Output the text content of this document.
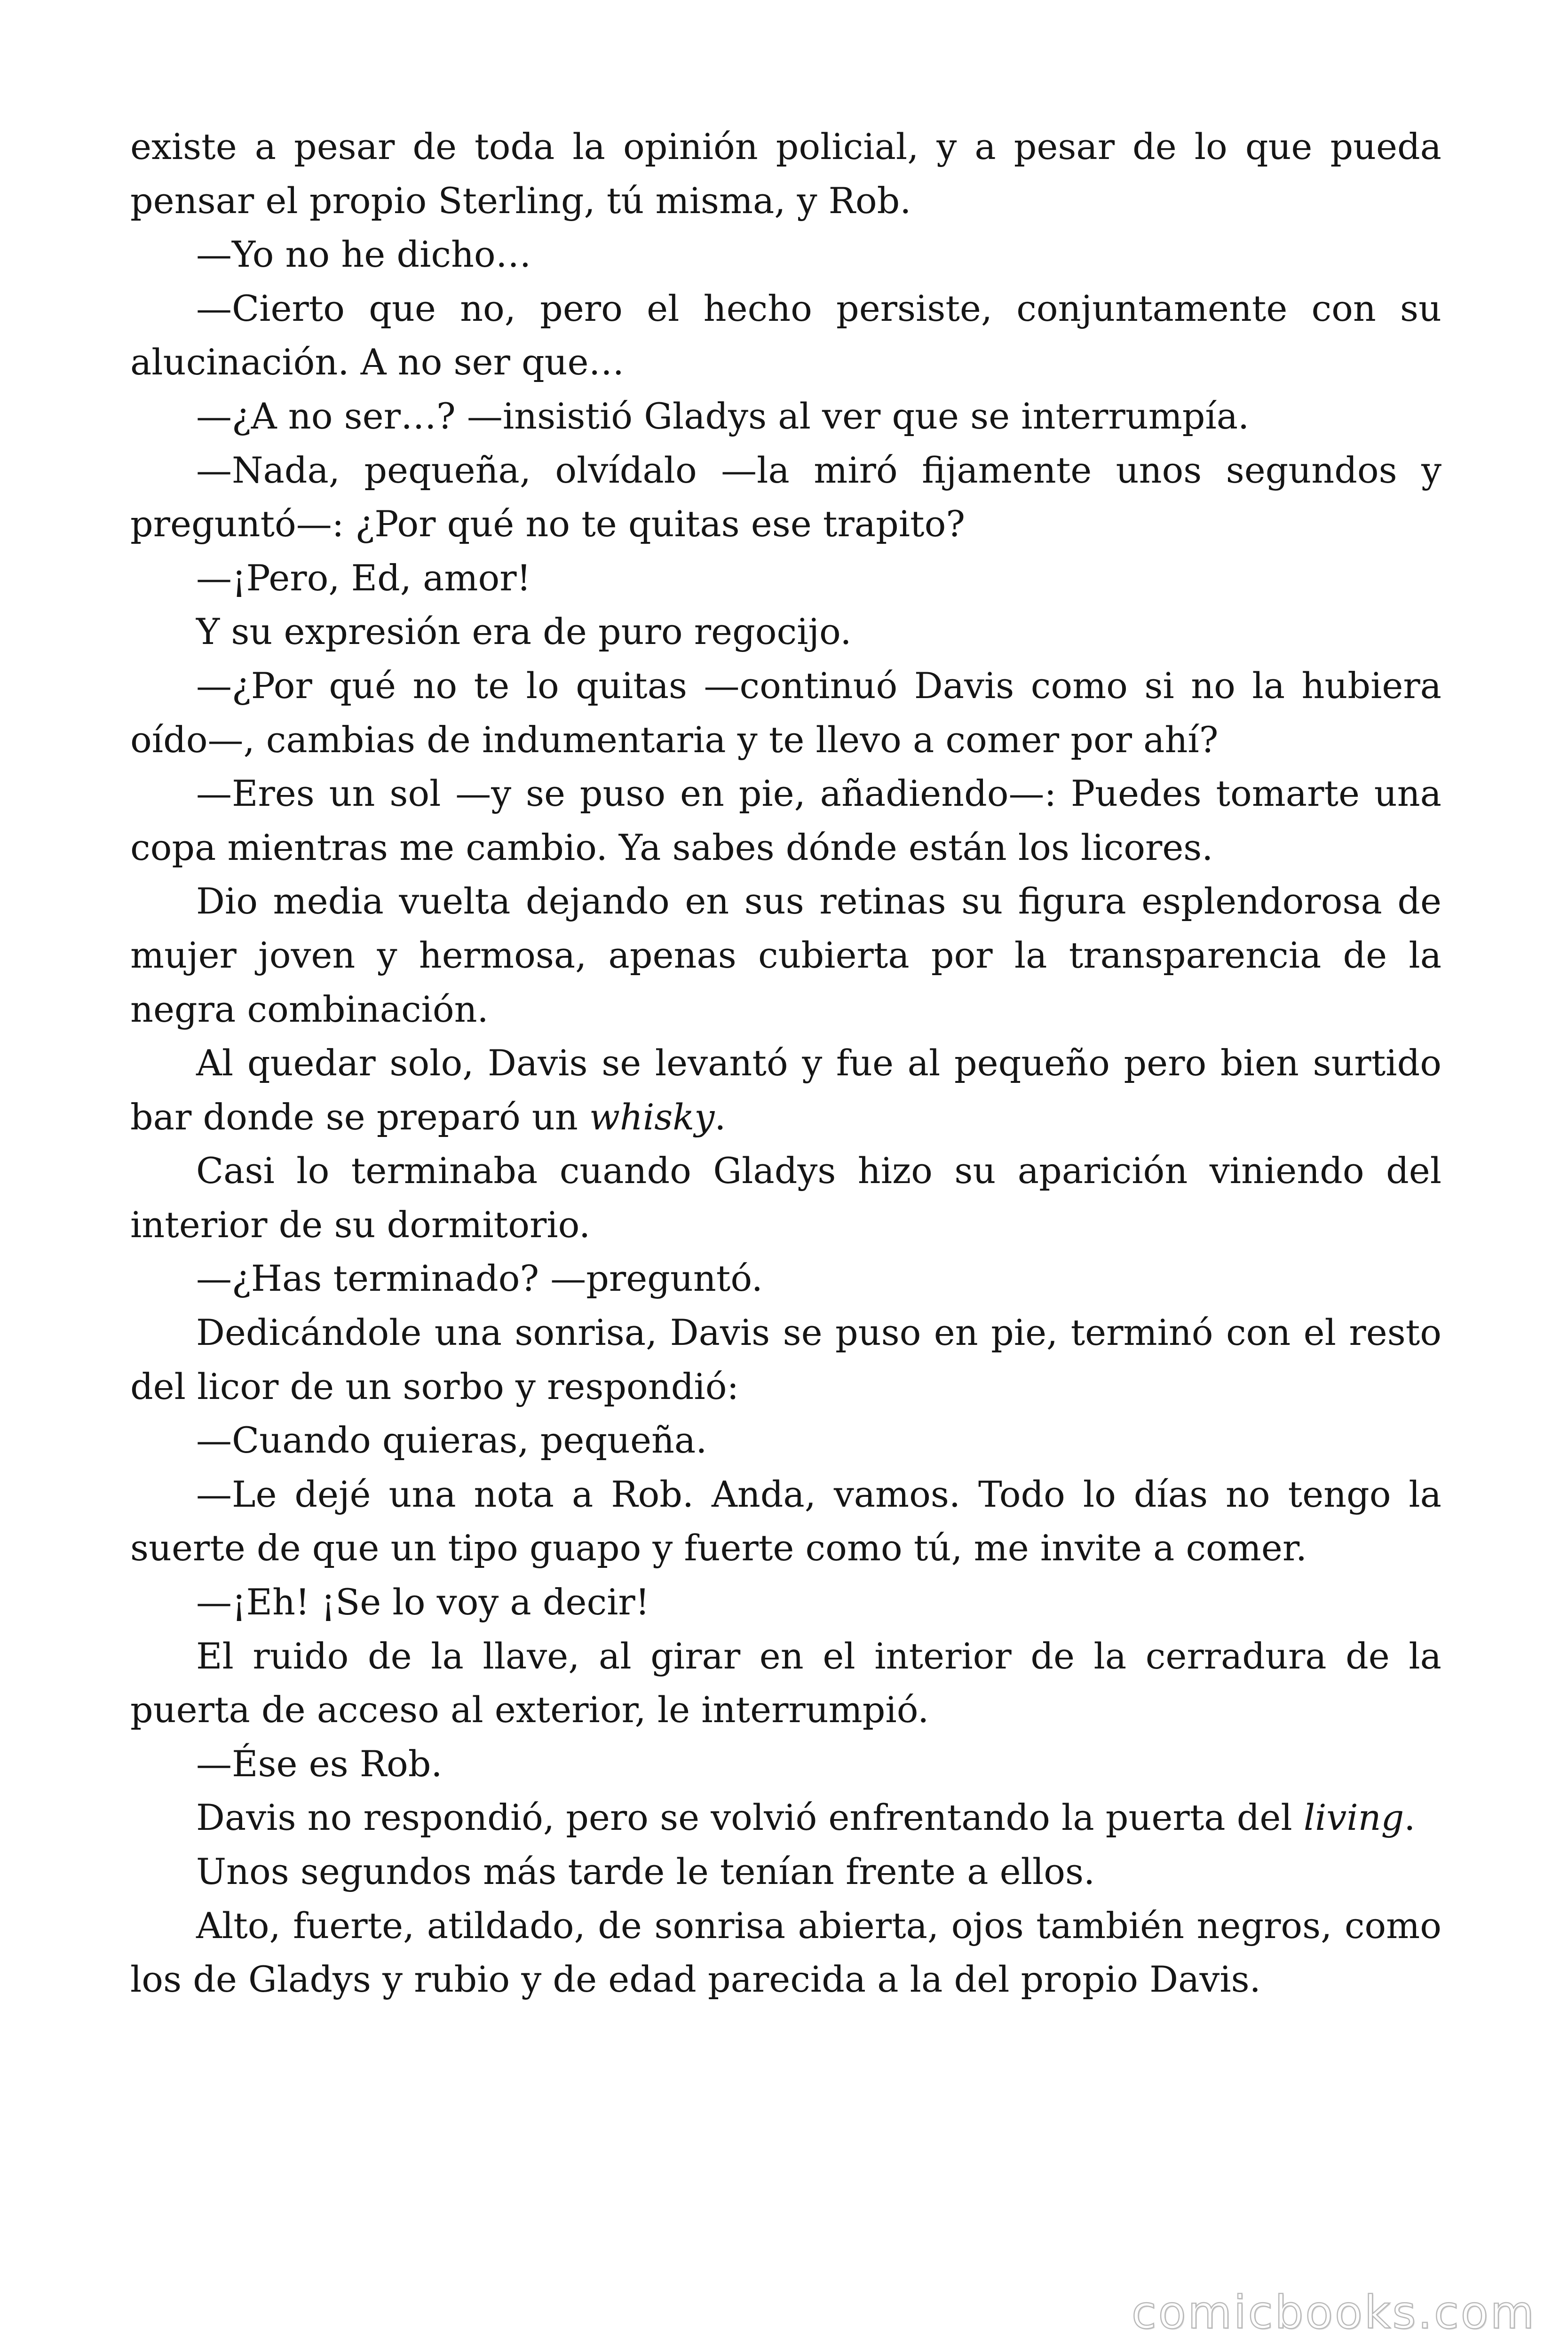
existe a pesar de toda la opinión policial, y a pesar de lo que pueda pensar el propio Sterling, tú misma, y Rob.

—Yo no he dicho…

—Cierto que no, pero el hecho persiste, conjuntamente con su alucinación. A no ser que…

—¿A no ser…? —insistió Gladys al ver que se interrumpía.

—Nada, pequeña, olvídalo —la miró fijamente unos segundos y preguntó—: ¿Por qué no te quitas ese trapito?

—¡Pero, Ed, amor!

Y su expresión era de puro regocijo.

—¿Por qué no te lo quitas —continuó Davis como si no la hubiera oído—, cambias de indumentaria y te llevo a comer por ahí?

—Eres un sol —y se puso en pie, añadiendo—: Puedes tomarte una copa mientras me cambio. Ya sabes dónde están los licores.

Dio media vuelta dejando en sus retinas su figura esplendorosa de mujer joven y hermosa, apenas cubierta por la transparencia de la negra combinación.

Al quedar solo, Davis se levantó y fue al pequeño pero bien surtido bar donde se preparó un whisky.

Casi lo terminaba cuando Gladys hizo su aparición viniendo del interior de su dormitorio.

—¿Has terminado? —preguntó.

Dedicándole una sonrisa, Davis se puso en pie, terminó con el resto del licor de un sorbo y respondió:

—Cuando quieras, pequeña.

—Le dejé una nota a Rob. Anda, vamos. Todo lo días no tengo la suerte de que un tipo guapo y fuerte como tú, me invite a comer.

—¡Eh! ¡Se lo voy a decir!

El ruido de la llave, al girar en el interior de la cerradura de la puerta de acceso al exterior, le interrumpió.

—Ése es Rob.

Davis no respondió, pero se volvió enfrentando la puerta del living.

Unos segundos más tarde le tenían frente a ellos.

Alto, fuerte, atildado, de sonrisa abierta, ojos también negros, como los de Gladys y rubio y de edad parecida a la del propio Davis.

comicbooks.com
